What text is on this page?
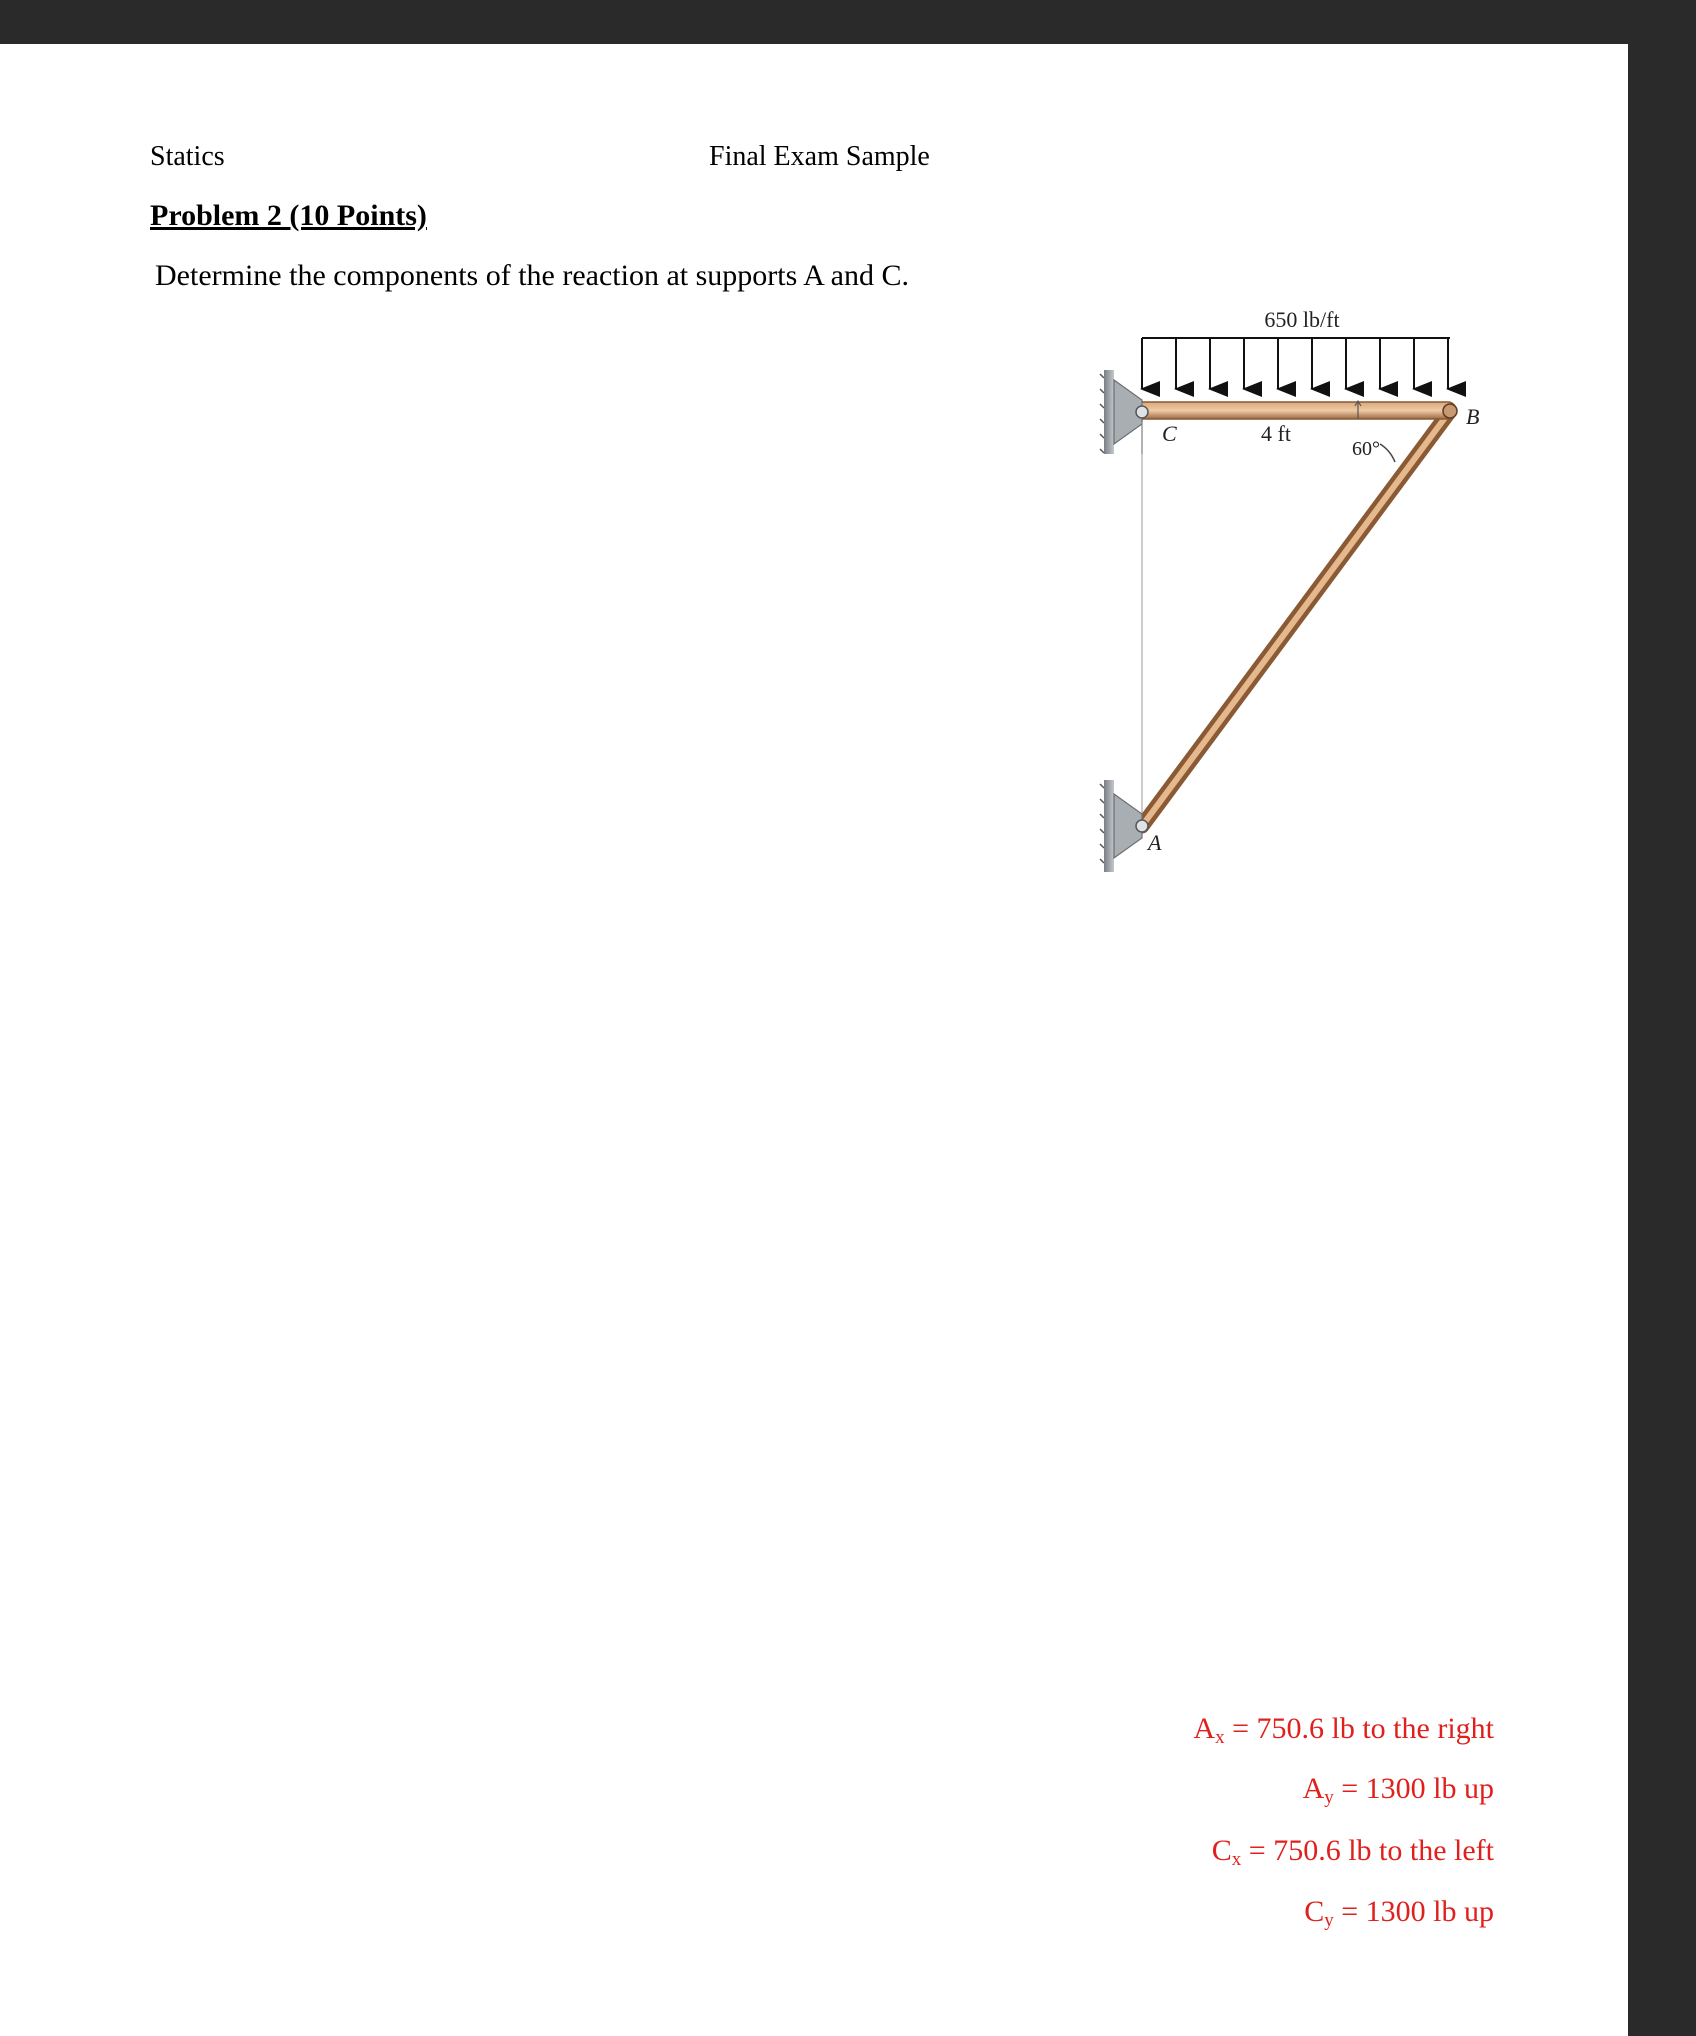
Statics	Final Exam Sample
Problem 2 (10 Points)
Determine the components of the reaction at supports A and C.
650 lb/ft
C	4 ft
60°
B
A
$A_x = 750.6$ lb to the right
$A_y = 1300$ lb up
$C_x = 750.6$ lb to the left
$C_y = 1300$ lb up
